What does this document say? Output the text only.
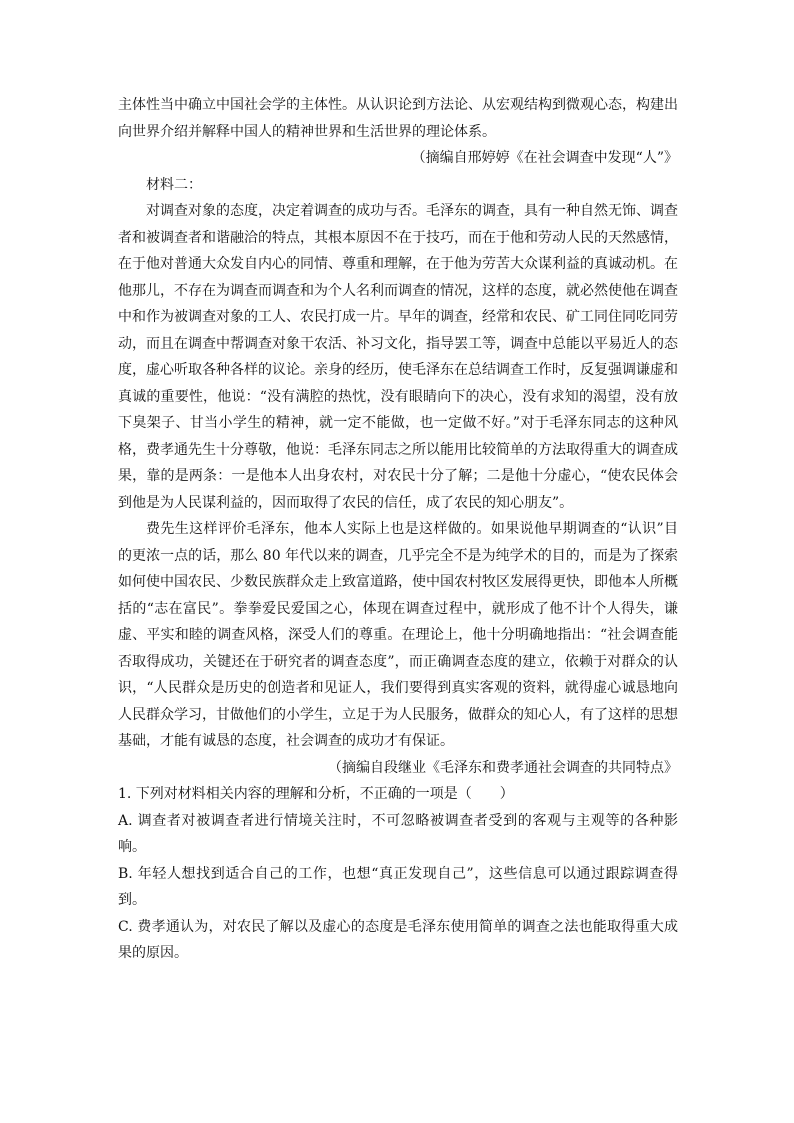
主体性当中确立中国社会学的主体性。从认识论到方法论、从宏观结构到微观心态，构建出向世界介绍并解释中国人的精神世界和生活世界的理论体系。

（摘编自邢婷婷《在社会调查中发现“人”》

材料二：

对调查对象的态度，决定着调查的成功与否。毛泽东的调查，具有一种自然无饰、调查者和被调查者和谐融洽的特点，其根本原因不在于技巧，而在于他和劳动人民的天然感情，在于他对普通大众发自内心的同情、尊重和理解，在于他为劳苦大众谋利益的真诚动机。在他那儿，不存在为调查而调查和为个人名利而调查的情况，这样的态度，就必然使他在调查中和作为被调查对象的工人、农民打成一片。早年的调查，经常和农民、矿工同住同吃同劳动，而且在调查中帮调查对象干农活、补习文化，指导罢工等，调查中总能以平易近人的态度，虚心听取各种各样的议论。亲身的经历，使毛泽东在总结调查工作时，反复强调谦虚和真诚的重要性，他说：“没有满腔的热忱，没有眼睛向下的决心，没有求知的渴望，没有放下臭架子、甘当小学生的精神，就一定不能做，也一定做不好。”对于毛泽东同志的这种风格，费孝通先生十分尊敬，他说：毛泽东同志之所以能用比较简单的方法取得重大的调查成果，靠的是两条：一是他本人出身农村，对农民十分了解；二是他十分虚心，“使农民体会到他是为人民谋利益的，因而取得了农民的信任，成了农民的知心朋友”。

费先生这样评价毛泽东，他本人实际上也是这样做的。如果说他早期调查的“认识”目的更浓一点的话，那么 80 年代以来的调查，几乎完全不是为纯学术的目的，而是为了探索如何使中国农民、少数民族群众走上致富道路，使中国农村牧区发展得更快，即他本人所概括的“志在富民”。拳拳爱民爱国之心，体现在调查过程中，就形成了他不计个人得失，谦虚、平实和睦的调查风格，深受人们的尊重。在理论上，他十分明确地指出：“社会调查能否取得成功，关键还在于研究者的调查态度”，而正确调查态度的建立，依赖于对群众的认识，“人民群众是历史的创造者和见证人，我们要得到真实客观的资料，就得虚心诚恳地向人民群众学习，甘做他们的小学生，立足于为人民服务，做群众的知心人，有了这样的思想基础，才能有诚恳的态度，社会调查的成功才有保证。

（摘编自段继业《毛泽东和费孝通社会调查的共同特点》

1. 下列对材料相关内容的理解和分析，不正确的一项是（　　）

A. 调查者对被调查者进行情境关注时，不可忽略被调查者受到的客观与主观等的各种影响。

B. 年轻人想找到适合自己的工作，也想“真正发现自己”，这些信息可以通过跟踪调查得到。

C. 费孝通认为，对农民了解以及虚心的态度是毛泽东使用简单的调查之法也能取得重大成果的原因。
